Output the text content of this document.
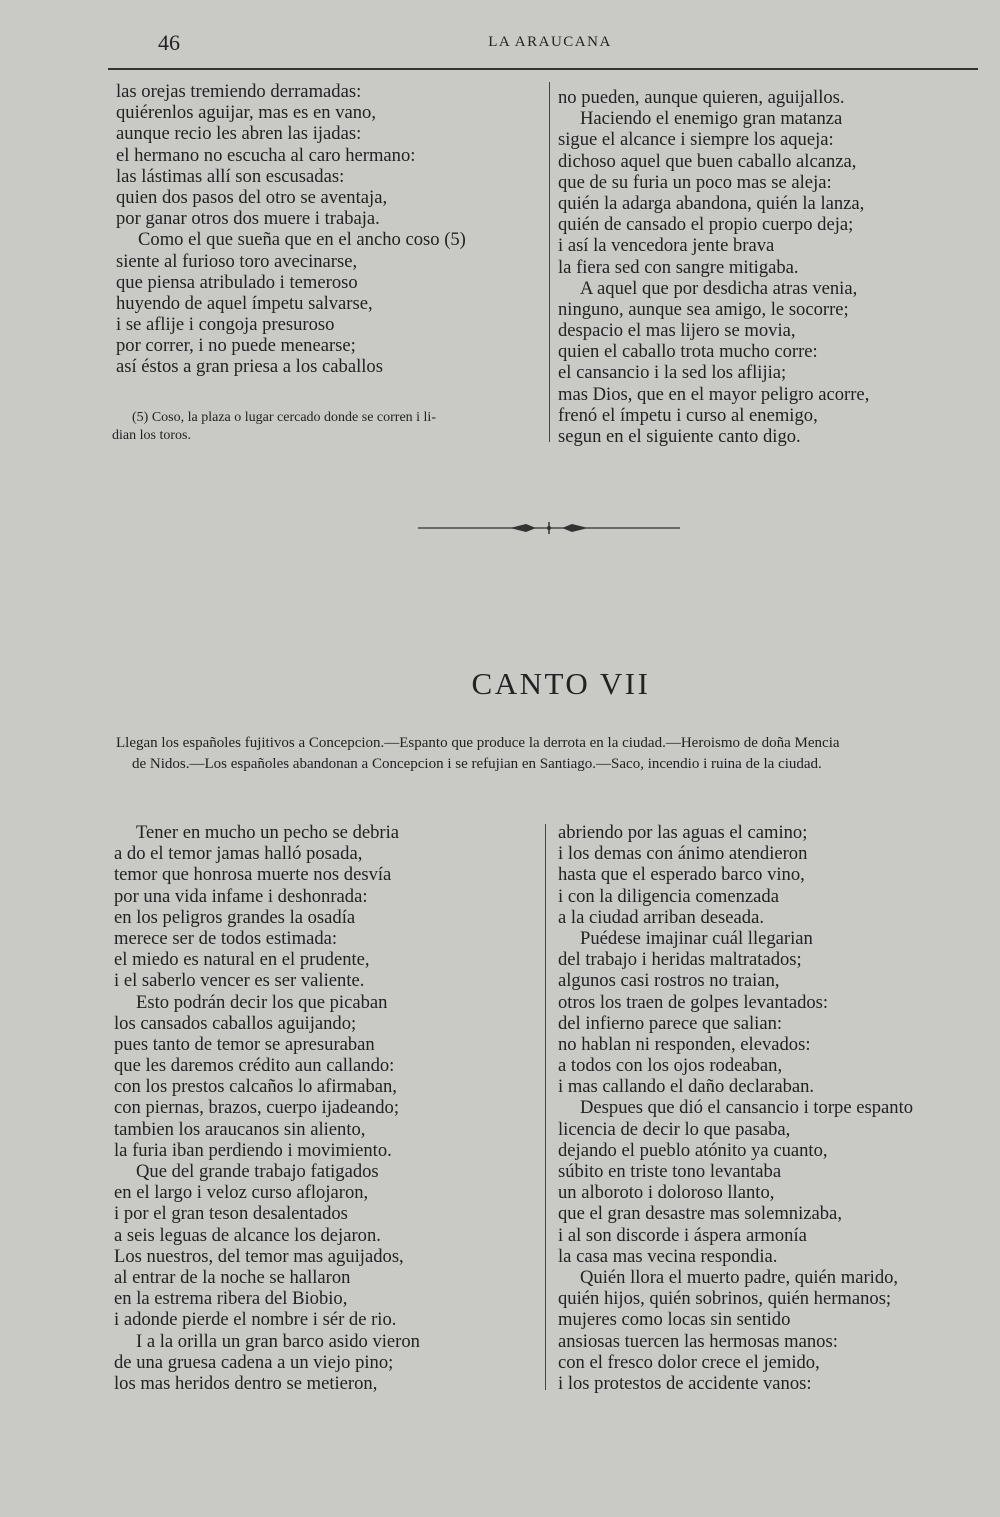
46	LA ARAUCANA
las orejas tremiendo derramadas:
quiérenlos aguijar, mas es en vano,
aunque recio les abren las ijadas:
el hermano no escucha al caro hermano:
las lástimas allí son escusadas:
quien dos pasos del otro se aventaja,
por ganar otros dos muere i trabaja.
Como el que sueña que en el ancho coso (5)
siente al furioso toro avecinarse,
que piensa atribulado i temeroso
huyendo de aquel ímpetu salvarse,
i se aflije i congoja presuroso
por correr, i no puede menearse;
así éstos a gran priesa a los caballos
no pueden, aunque quieren, aguijallos.
Haciendo el enemigo gran matanza
sigue el alcance i siempre los aqueja:
dichoso aquel que buen caballo alcanza,
que de su furia un poco mas se aleja:
quién la adarga abandona, quién la lanza,
quién de cansado el propio cuerpo deja;
i así la vencedora jente brava
la fiera sed con sangre mitigaba.
A aquel que por desdicha atras venia,
ninguno, aunque sea amigo, le socorre;
despacio el mas lijero se movia,
quien el caballo trota mucho corre:
el cansancio i la sed los aflijia;
mas Dios, que en el mayor peligro acorre,
frenó el ímpetu i curso al enemigo,
segun en el siguiente canto digo.

(5) Coso, la plaza o lugar cercado donde se corren i li-

dian los toros.

CANTO VII

Llegan los españoles fujitivos a Concepcion.—Espanto que produce la derrota en la ciudad.—Heroismo de doña Mencia

de Nidos.—Los españoles abandonan a Concepcion i se refujian en Santiago.—Saco, incendio i ruina de la ciudad.

Tener en mucho un pecho se debria
a do el temor jamas halló posada,
temor que honrosa muerte nos desvía
por una vida infame i deshonrada:
en los peligros grandes la osadía
merece ser de todos estimada:
el miedo es natural en el prudente,
i el saberlo vencer es ser valiente.
Esto podrán decir los que picaban
los cansados caballos aguijando;
pues tanto de temor se apresuraban
que les daremos crédito aun callando:
con los prestos calcaños lo afirmaban,
con piernas, brazos, cuerpo ijadeando;
tambien los araucanos sin aliento,
la furia iban perdiendo i movimiento.
Que del grande trabajo fatigados
en el largo i veloz curso aflojaron,
i por el gran teson desalentados
a seis leguas de alcance los dejaron.
Los nuestros, del temor mas aguijados,
al entrar de la noche se hallaron
en la estrema ribera del Biobio,
i adonde pierde el nombre i sér de rio.
I a la orilla un gran barco asido vieron
de una gruesa cadena a un viejo pino;
los mas heridos dentro se metieron,
abriendo por las aguas el camino;
i los demas con ánimo atendieron
hasta que el esperado barco vino,
i con la diligencia comenzada
a la ciudad arriban deseada.
Puédese imajinar cuál llegarian
del trabajo i heridas maltratados;
algunos casi rostros no traian,
otros los traen de golpes levantados:
del infierno parece que salian:
no hablan ni responden, elevados:
a todos con los ojos rodeaban,
i mas callando el daño declaraban.
Despues que dió el cansancio i torpe espanto
licencia de decir lo que pasaba,
dejando el pueblo atónito ya cuanto,
súbito en triste tono levantaba
un alboroto i doloroso llanto,
que el gran desastre mas solemnizaba,
i al son discorde i áspera armonía
la casa mas vecina respondia.
Quién llora el muerto padre, quién marido,
quién hijos, quién sobrinos, quién hermanos;
mujeres como locas sin sentido
ansiosas tuercen las hermosas manos:
con el fresco dolor crece el jemido,
i los protestos de accidente vanos:
